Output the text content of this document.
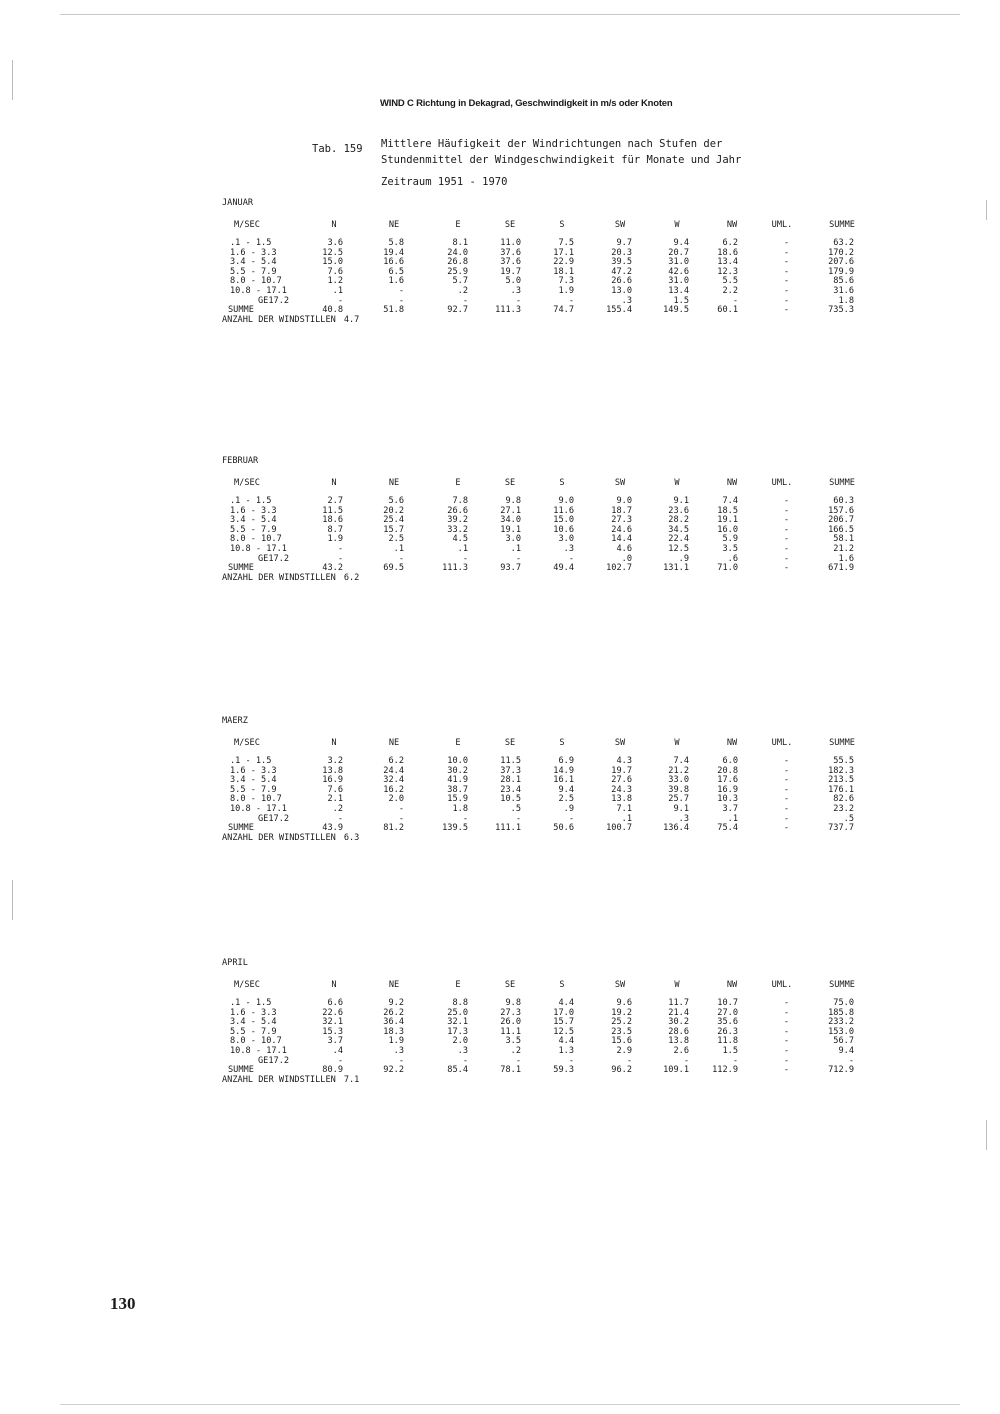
WIND C Richtung in Dekagrad, Geschwindigkeit in m/s oder Knoten
Tab. 159 Mittlere Häufigkeit der Windrichtungen nach Stufen der
Stundenmittel der Windgeschwindigkeit für Monate und Jahr
Zeitraum 1951 - 1970
JANUAR
M/SEC	N	NE	E	SE	S	SW	W	NW	UML.	SUMME
.1 - 1.5	3.6	5.8	8.1	11.0	7.5	9.7	9.4	6.2	-	63.2
1.6 - 3.3	12.5	19.4	24.0	37.6	17.1	20.3	20.7	18.6	-	170.2
3.4 - 5.4	15.0	16.6	26.8	37.6	22.9	39.5	31.0	13.4	-	207.6
5.5 - 7.9	7.6	6.5	25.9	19.7	18.1	47.2	42.6	12.3	-	179.9
8.0 - 10.7	1.2	1.6	5.7	5.0	7.3	26.6	31.0	5.5	-	85.6
10.8 - 17.1	.1	-	.2	.3	1.9	13.0	13.4	2.2	-	31.6
GE17.2	-	-	-	-	-	.3	1.5	-	-	1.8
SUMME	40.8	51.8	92.7	111.3	74.7	155.4	149.5	60.1	-	735.3
ANZAHL DER WINDSTILLEN 4.7
FEBRUAR
M/SEC	N	NE	E	SE	S	SW	W	NW	UML.	SUMME
.1 - 1.5	2.7	5.6	7.8	9.8	9.0	9.0	9.1	7.4	-	60.3
1.6 - 3.3	11.5	20.2	26.6	27.1	11.6	18.7	23.6	18.5	-	157.6
3.4 - 5.4	18.6	25.4	39.2	34.0	15.0	27.3	28.2	19.1	-	206.7
5.5 - 7.9	8.7	15.7	33.2	19.1	10.6	24.6	34.5	16.0	-	166.5
8.0 - 10.7	1.9	2.5	4.5	3.0	3.0	14.4	22.4	5.9	-	58.1
10.8 - 17.1	-	.1	.1	.1	.3	4.6	12.5	3.5	-	21.2
GE17.2	-	-	-	-	-	.0	.9	.6	-	1.6
SUMME	43.2	69.5	111.3	93.7	49.4	102.7	131.1	71.0	-	671.9
ANZAHL DER WINDSTILLEN 6.2
MAERZ
M/SEC	N	NE	E	SE	S	SW	W	NW	UML.	SUMME
.1 - 1.5	3.2	6.2	10.0	11.5	6.9	4.3	7.4	6.0	-	55.5
1.6 - 3.3	13.8	24.4	30.2	37.3	14.9	19.7	21.2	20.8	-	182.3
3.4 - 5.4	16.9	32.4	41.9	28.1	16.1	27.6	33.0	17.6	-	213.5
5.5 - 7.9	7.6	16.2	38.7	23.4	9.4	24.3	39.8	16.9	-	176.1
8.0 - 10.7	2.1	2.0	15.9	10.5	2.5	13.8	25.7	10.3	-	82.6
10.8 - 17.1	.2	-	1.8	.5	.9	7.1	9.1	3.7	-	23.2
GE17.2	-	-	-	-	-	.1	.3	.1	-	.5
SUMME	43.9	81.2	139.5	111.1	50.6	100.7	136.4	75.4	-	737.7
ANZAHL DER WINDSTILLEN 6.3
APRIL
M/SEC	N	NE	E	SE	S	SW	W	NW	UML.	SUMME
.1 - 1.5	6.6	9.2	8.8	9.8	4.4	9.6	11.7	10.7	-	75.0
1.6 - 3.3	22.6	26.2	25.0	27.3	17.0	19.2	21.4	27.0	-	185.8
3.4 - 5.4	32.1	36.4	32.1	26.0	15.7	25.2	30.2	35.6	-	233.2
5.5 - 7.9	15.3	18.3	17.3	11.1	12.5	23.5	28.6	26.3	-	153.0
8.0 - 10.7	3.7	1.9	2.0	3.5	4.4	15.6	13.8	11.8	-	56.7
10.8 - 17.1	.4	.3	.3	.2	1.3	2.9	2.6	1.5	-	9.4
GE17.2	-	-	-	-	-	-	-	-	-	-
SUMME	80.9	92.2	85.4	78.1	59.3	96.2	109.1	112.9	-	712.9
ANZAHL DER WINDSTILLEN 7.1
130
